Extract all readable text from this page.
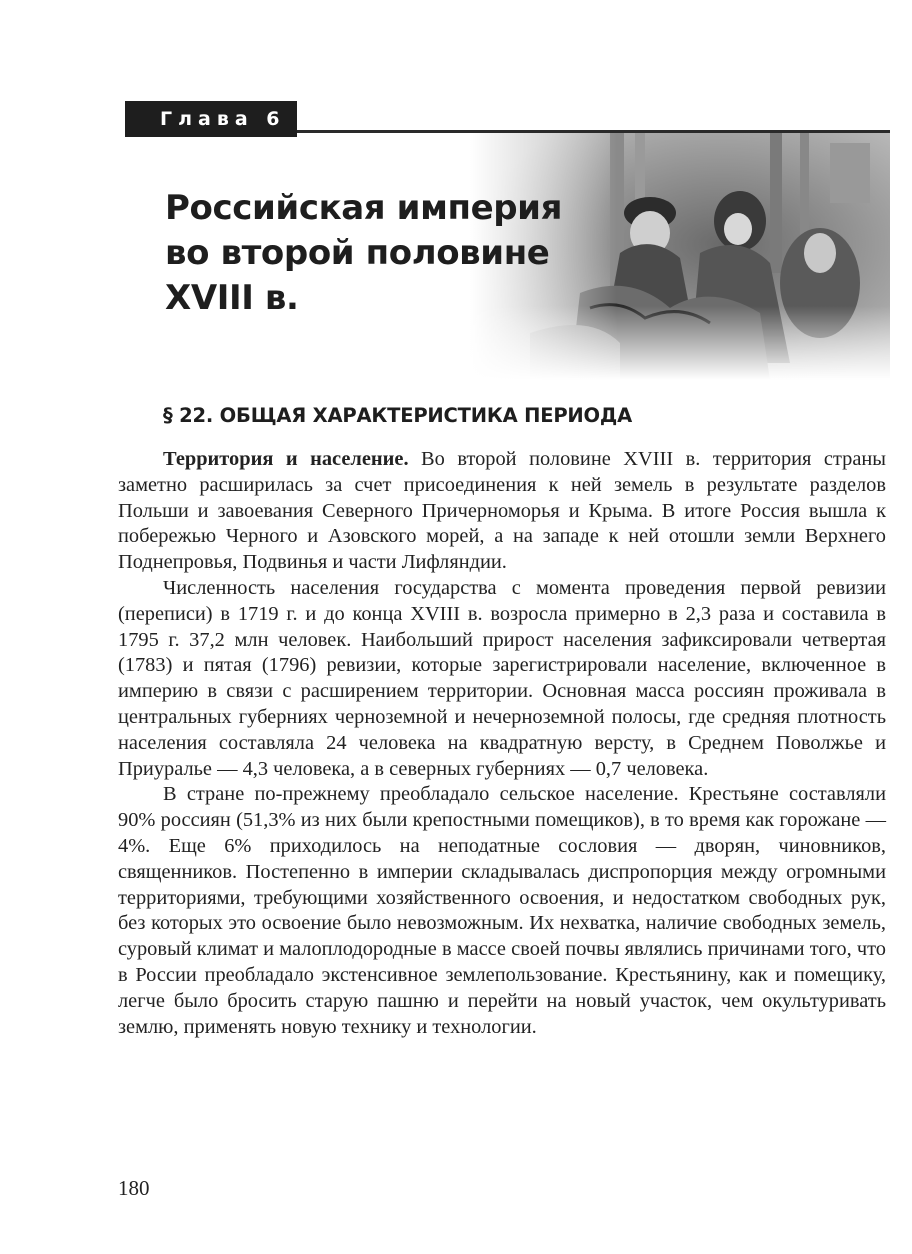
Глава 6
Российская империя
во второй половине
XVIII в.
§ 22. ОБЩАЯ ХАРАКТЕРИСТИКА ПЕРИОДА

Территория и население. Во второй половине XVIII в. территория страны заметно расширилась за счет присоединения к ней земель в результате разделов Польши и завоевания Северного Причерноморья и Крыма. В итоге Россия вышла к побережью Черного и Азовского морей, а на западе к ней отошли земли Верхнего Поднепровья, Подвинья и части Лифляндии.

Численность населения государства с момента проведения первой ревизии (переписи) в 1719 г. и до конца XVIII в. возросла примерно в 2,3 раза и составила в 1795 г. 37,2 млн человек. Наибольший прирост населения зафиксировали четвертая (1783) и пятая (1796) ревизии, которые зарегистрировали население, включенное в империю в связи с расширением территории. Основная масса россиян проживала в центральных губерниях черноземной и нечерноземной полосы, где средняя плотность населения составляла 24 человека на квадратную версту, в Среднем Поволжье и Приуралье — 4,3 человека, а в северных губерниях — 0,7 человека.

В стране по-прежнему преобладало сельское население. Крестьяне составляли 90% россиян (51,3% из них были крепостными помещиков), в то время как горожане — 4%. Еще 6% приходилось на неподатные сословия — дворян, чиновников, священников. Постепенно в империи складывалась диспропорция между огромными территориями, требующими хозяйственного освоения, и недостатком свободных рук, без которых это освоение было невозможным. Их нехватка, наличие свободных земель, суровый климат и малоплодородные в массе своей почвы являлись причинами того, что в России преобладало экстенсивное землепользование. Крестьянину, как и помещику, легче было бросить старую пашню и перейти на новый участок, чем окультуривать землю, применять новую технику и технологии.

180
